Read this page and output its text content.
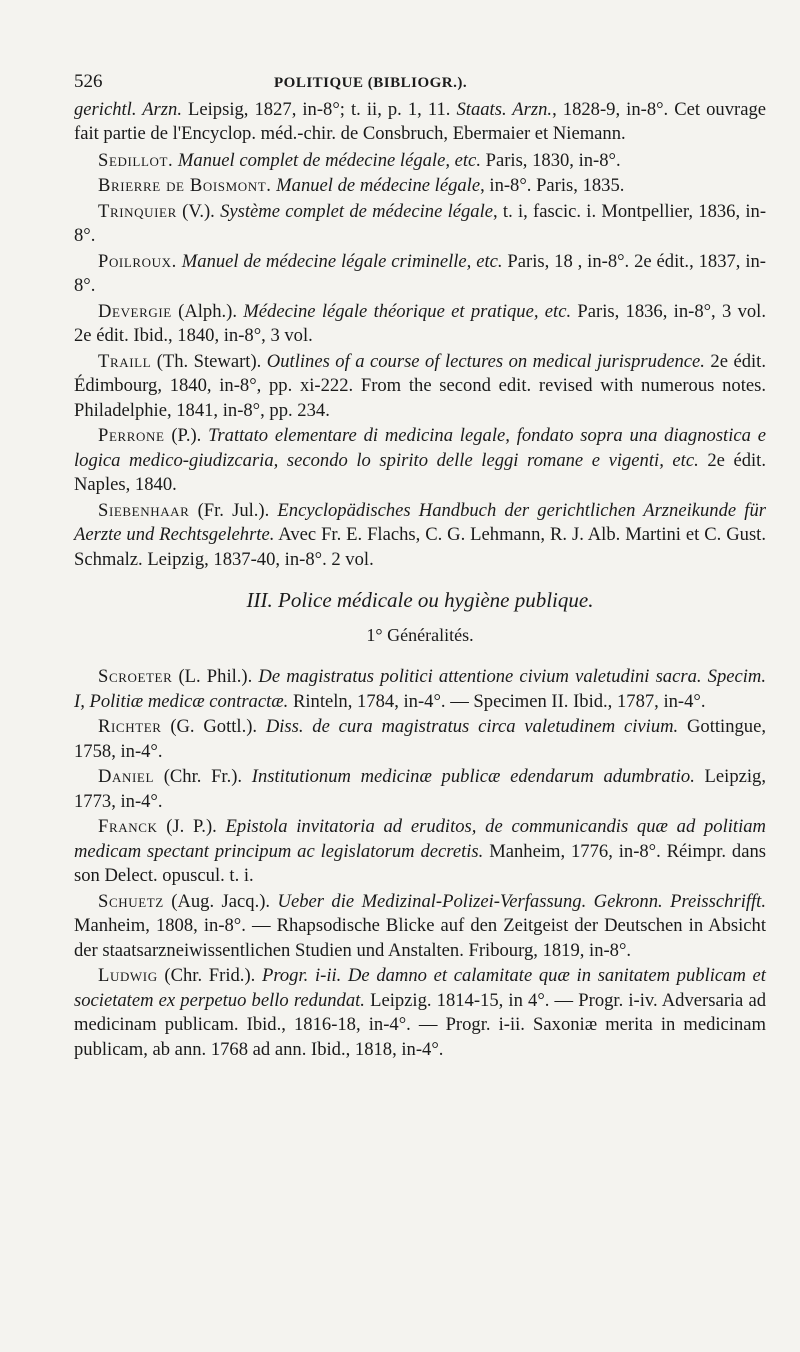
526	POLITIQUE (BIBLIOGR.).

gerichtl. Arzn. Leipsig, 1827, in-8°; t. ii, p. 1, 11. Staats. Arzn., 1828-9, in-8°. Cet ouvrage fait partie de l'Encyclop. méd.-chir. de Consbruch, Ebermaier et Niemann.

Sedillot. Manuel complet de médecine légale, etc. Paris, 1830, in-8°.

Brierre de Boismont. Manuel de médecine légale, in-8°. Paris, 1835.

Trinquier (V.). Système complet de médecine légale, t. i, fascic. i. Montpellier, 1836, in-8°.

Poilroux. Manuel de médecine légale criminelle, etc. Paris, 18 , in-8°. 2e édit., 1837, in-8°.

Devergie (Alph.). Médecine légale théorique et pratique, etc. Paris, 1836, in-8°, 3 vol. 2e édit. Ibid., 1840, in-8°, 3 vol.

Traill (Th. Stewart). Outlines of a course of lectures on medical jurisprudence. 2e édit. Édimbourg, 1840, in-8°, pp. xi-222. From the second edit. revised with numerous notes. Philadelphie, 1841, in-8°, pp. 234.

Perrone (P.). Trattato elementare di medicina legale, fondato sopra una diagnostica e logica medico-giudizcaria, secondo lo spirito delle leggi romane e vigenti, etc. 2e édit. Naples, 1840.

Siebenhaar (Fr. Jul.). Encyclopädisches Handbuch der gerichtlichen Arzneikunde für Aerzte und Rechtsgelehrte. Avec Fr. E. Flachs, C. G. Lehmann, R. J. Alb. Martini et C. Gust. Schmalz. Leipzig, 1837-40, in-8°. 2 vol.

III. Police médicale ou hygiène publique.
1° Généralités.

Scroeter (L. Phil.). De magistratus politici attentione civium valetudini sacra. Specim. I, Politiæ medicæ contractæ. Rinteln, 1784, in-4°. — Specimen II. Ibid., 1787, in-4°.

Richter (G. Gottl.). Diss. de cura magistratus circa valetudinem civium. Gottingue, 1758, in-4°.

Daniel (Chr. Fr.). Institutionum medicinæ publicæ edendarum adumbratio. Leipzig, 1773, in-4°.

Franck (J. P.). Epistola invitatoria ad eruditos, de communicandis quæ ad politiam medicam spectant principum ac legislatorum decretis. Manheim, 1776, in-8°. Réimpr. dans son Delect. opuscul. t. i.

Schuetz (Aug. Jacq.). Ueber die Medizinal-Polizei-Verfassung. Gekronn. Preisschrifft. Manheim, 1808, in-8°. — Rhapsodische Blicke auf den Zeitgeist der Deutschen in Absicht der staatsarzneiwissentlichen Studien und Anstalten. Fribourg, 1819, in-8°.

Ludwig (Chr. Frid.). Progr. i-ii. De damno et calamitate quæ in sanitatem publicam et societatem ex perpetuo bello redundat. Leipzig. 1814-15, in 4°. — Progr. i-iv. Adversaria ad medicinam publicam. Ibid., 1816-18, in-4°. — Progr. i-ii. Saxoniæ merita in medicinam publicam, ab ann. 1768 ad ann. Ibid., 1818, in-4°.
